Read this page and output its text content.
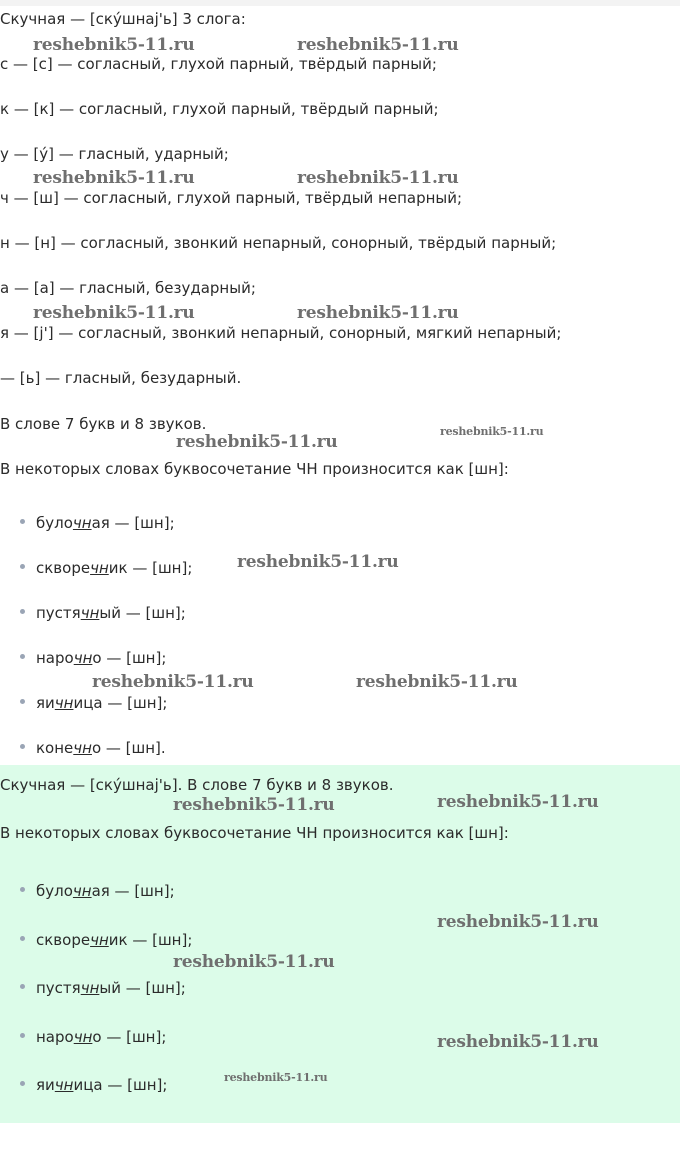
Скучная — [ску́шнај'ь] 3 слога:
с — [с] — согласный, глухой парный, твёрдый парный;
к — [к] — согласный, глухой парный, твёрдый парный;
у — [у́] — гласный, ударный;
ч — [ш] — согласный, глухой парный, твёрдый непарный;
н — [н] — согласный, звонкий непарный, сонорный, твёрдый парный;
а — [а] — гласный, безударный;
я — [j'] — согласный, звонкий непарный, сонорный, мягкий непарный;
— [ь] — гласный, безударный.
В слове 7 букв и 8 звуков.
В некоторых словах буквосочетание ЧН произносится как [шн]:
булочная — [шн];
скворечник — [шн];
пустячный — [шн];
нарочно — [шн];
яичница — [шн];
конечно — [шн].
Скучная — [ску́шнај'ь]. В слове 7 букв и 8 звуков.
В некоторых словах буквосочетание ЧН произносится как [шн]:
булочная — [шн];
скворечник — [шн];
пустячный — [шн];
нарочно — [шн];
яичница — [шн];
reshebnik5-11.ru	reshebnik5-11.ru
reshebnik5-11.ru	reshebnik5-11.ru
reshebnik5-11.ru	reshebnik5-11.ru
reshebnik5-11.ru
reshebnik5-11.ru
reshebnik5-11.ru
reshebnik5-11.ru	reshebnik5-11.ru
reshebnik5-11.ru	reshebnik5-11.ru
reshebnik5-11.ru
reshebnik5-11.ru
reshebnik5-11.ru
reshebnik5-11.ru
